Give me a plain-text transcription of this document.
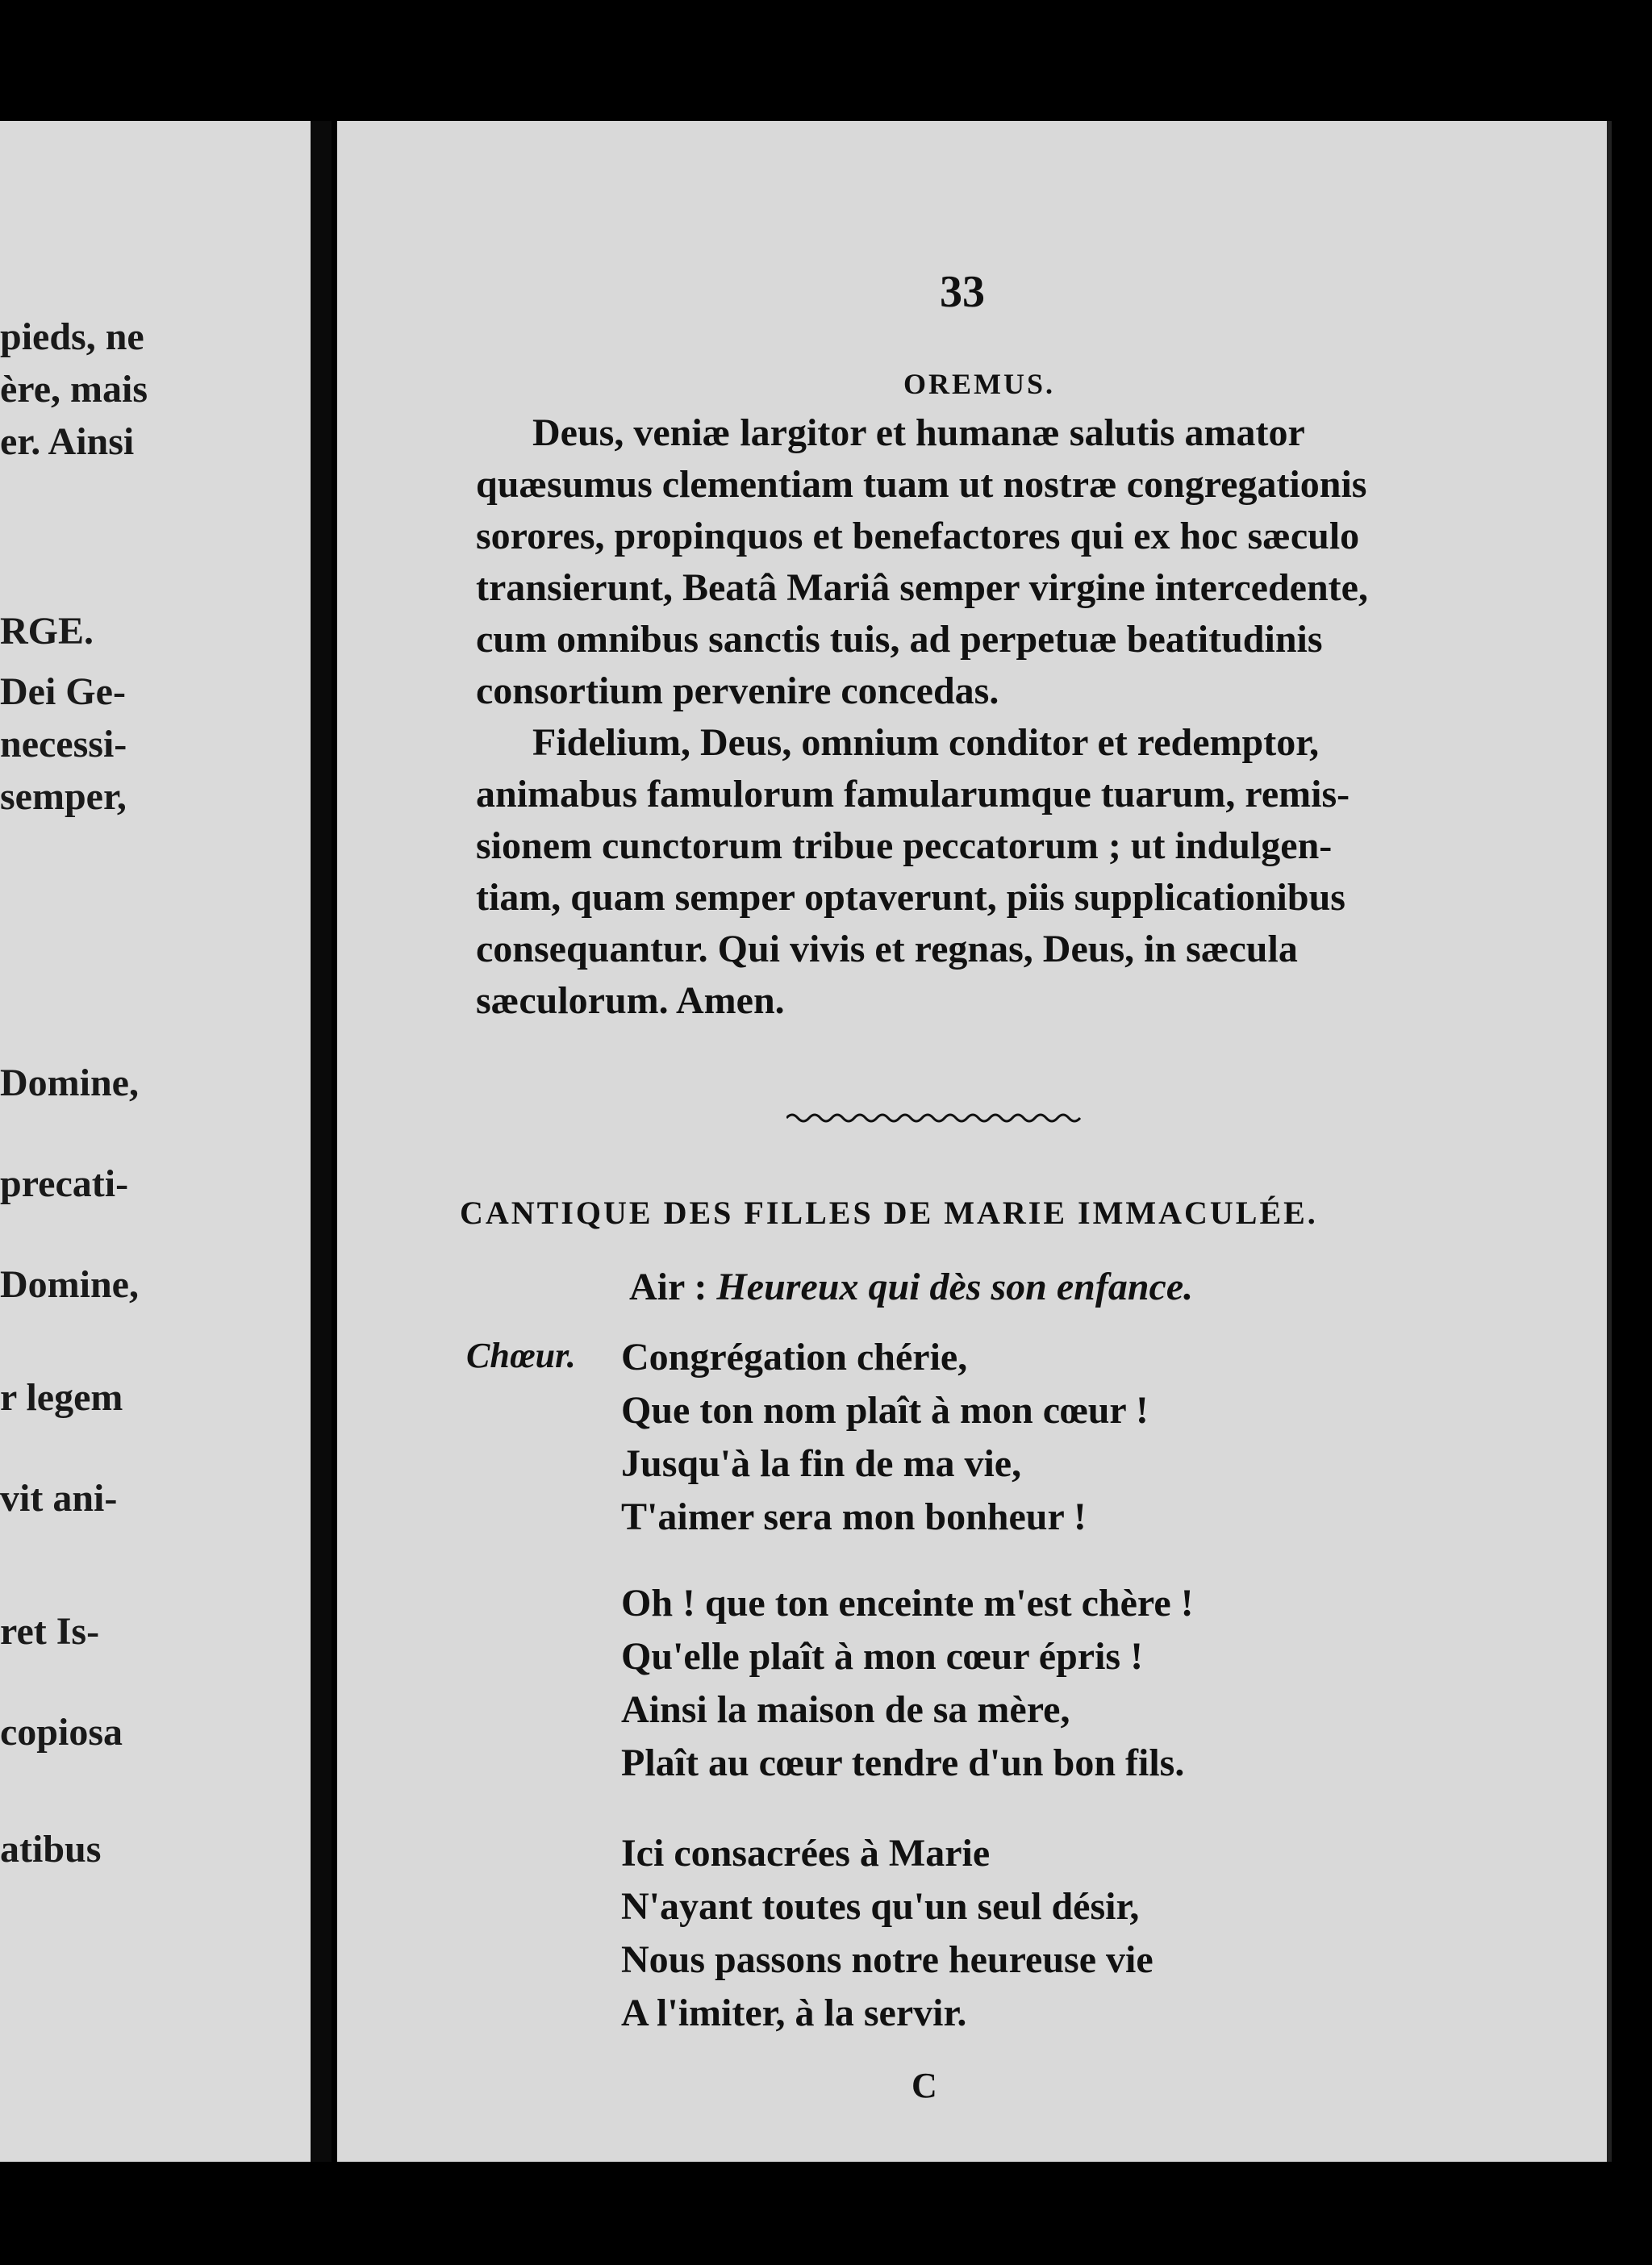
pieds, ne
ère, mais
er. Ainsi
RGE.
Dei Ge-
necessi-
semper,
Domine,
precati-
Domine,
r legem
vit ani-
ret Is-
copiosa
atibus
33
OREMUS.
Deus, veniæ largitor et humanæ salutis amator
quæsumus clementiam tuam ut nostræ congregationis
sorores, propinquos et benefactores qui ex hoc sæculo
transierunt, Beatâ Mariâ semper virgine intercedente,
cum omnibus sanctis tuis, ad perpetuæ beatitudinis
consortium pervenire concedas.
Fidelium, Deus, omnium conditor et redemptor,
animabus famulorum famularumque tuarum, remis-
sionem cunctorum tribue peccatorum ; ut indulgen-
tiam, quam semper optaverunt, piis supplicationibus
consequantur. Qui vivis et regnas, Deus, in sæcula
sæculorum. Amen.
CANTIQUE DES FILLES DE MARIE IMMACULÉE.
Air : Heureux qui dès son enfance.
Chœur. Congrégation chérie,
Que ton nom plaît à mon cœur !
Jusqu'à la fin de ma vie,
T'aimer sera mon bonheur !
Oh ! que ton enceinte m'est chère !
Qu'elle plaît à mon cœur épris !
Ainsi la maison de sa mère,
Plaît au cœur tendre d'un bon fils.
Ici consacrées à Marie
N'ayant toutes qu'un seul désir,
Nous passons notre heureuse vie
A l'imiter, à la servir.
C
